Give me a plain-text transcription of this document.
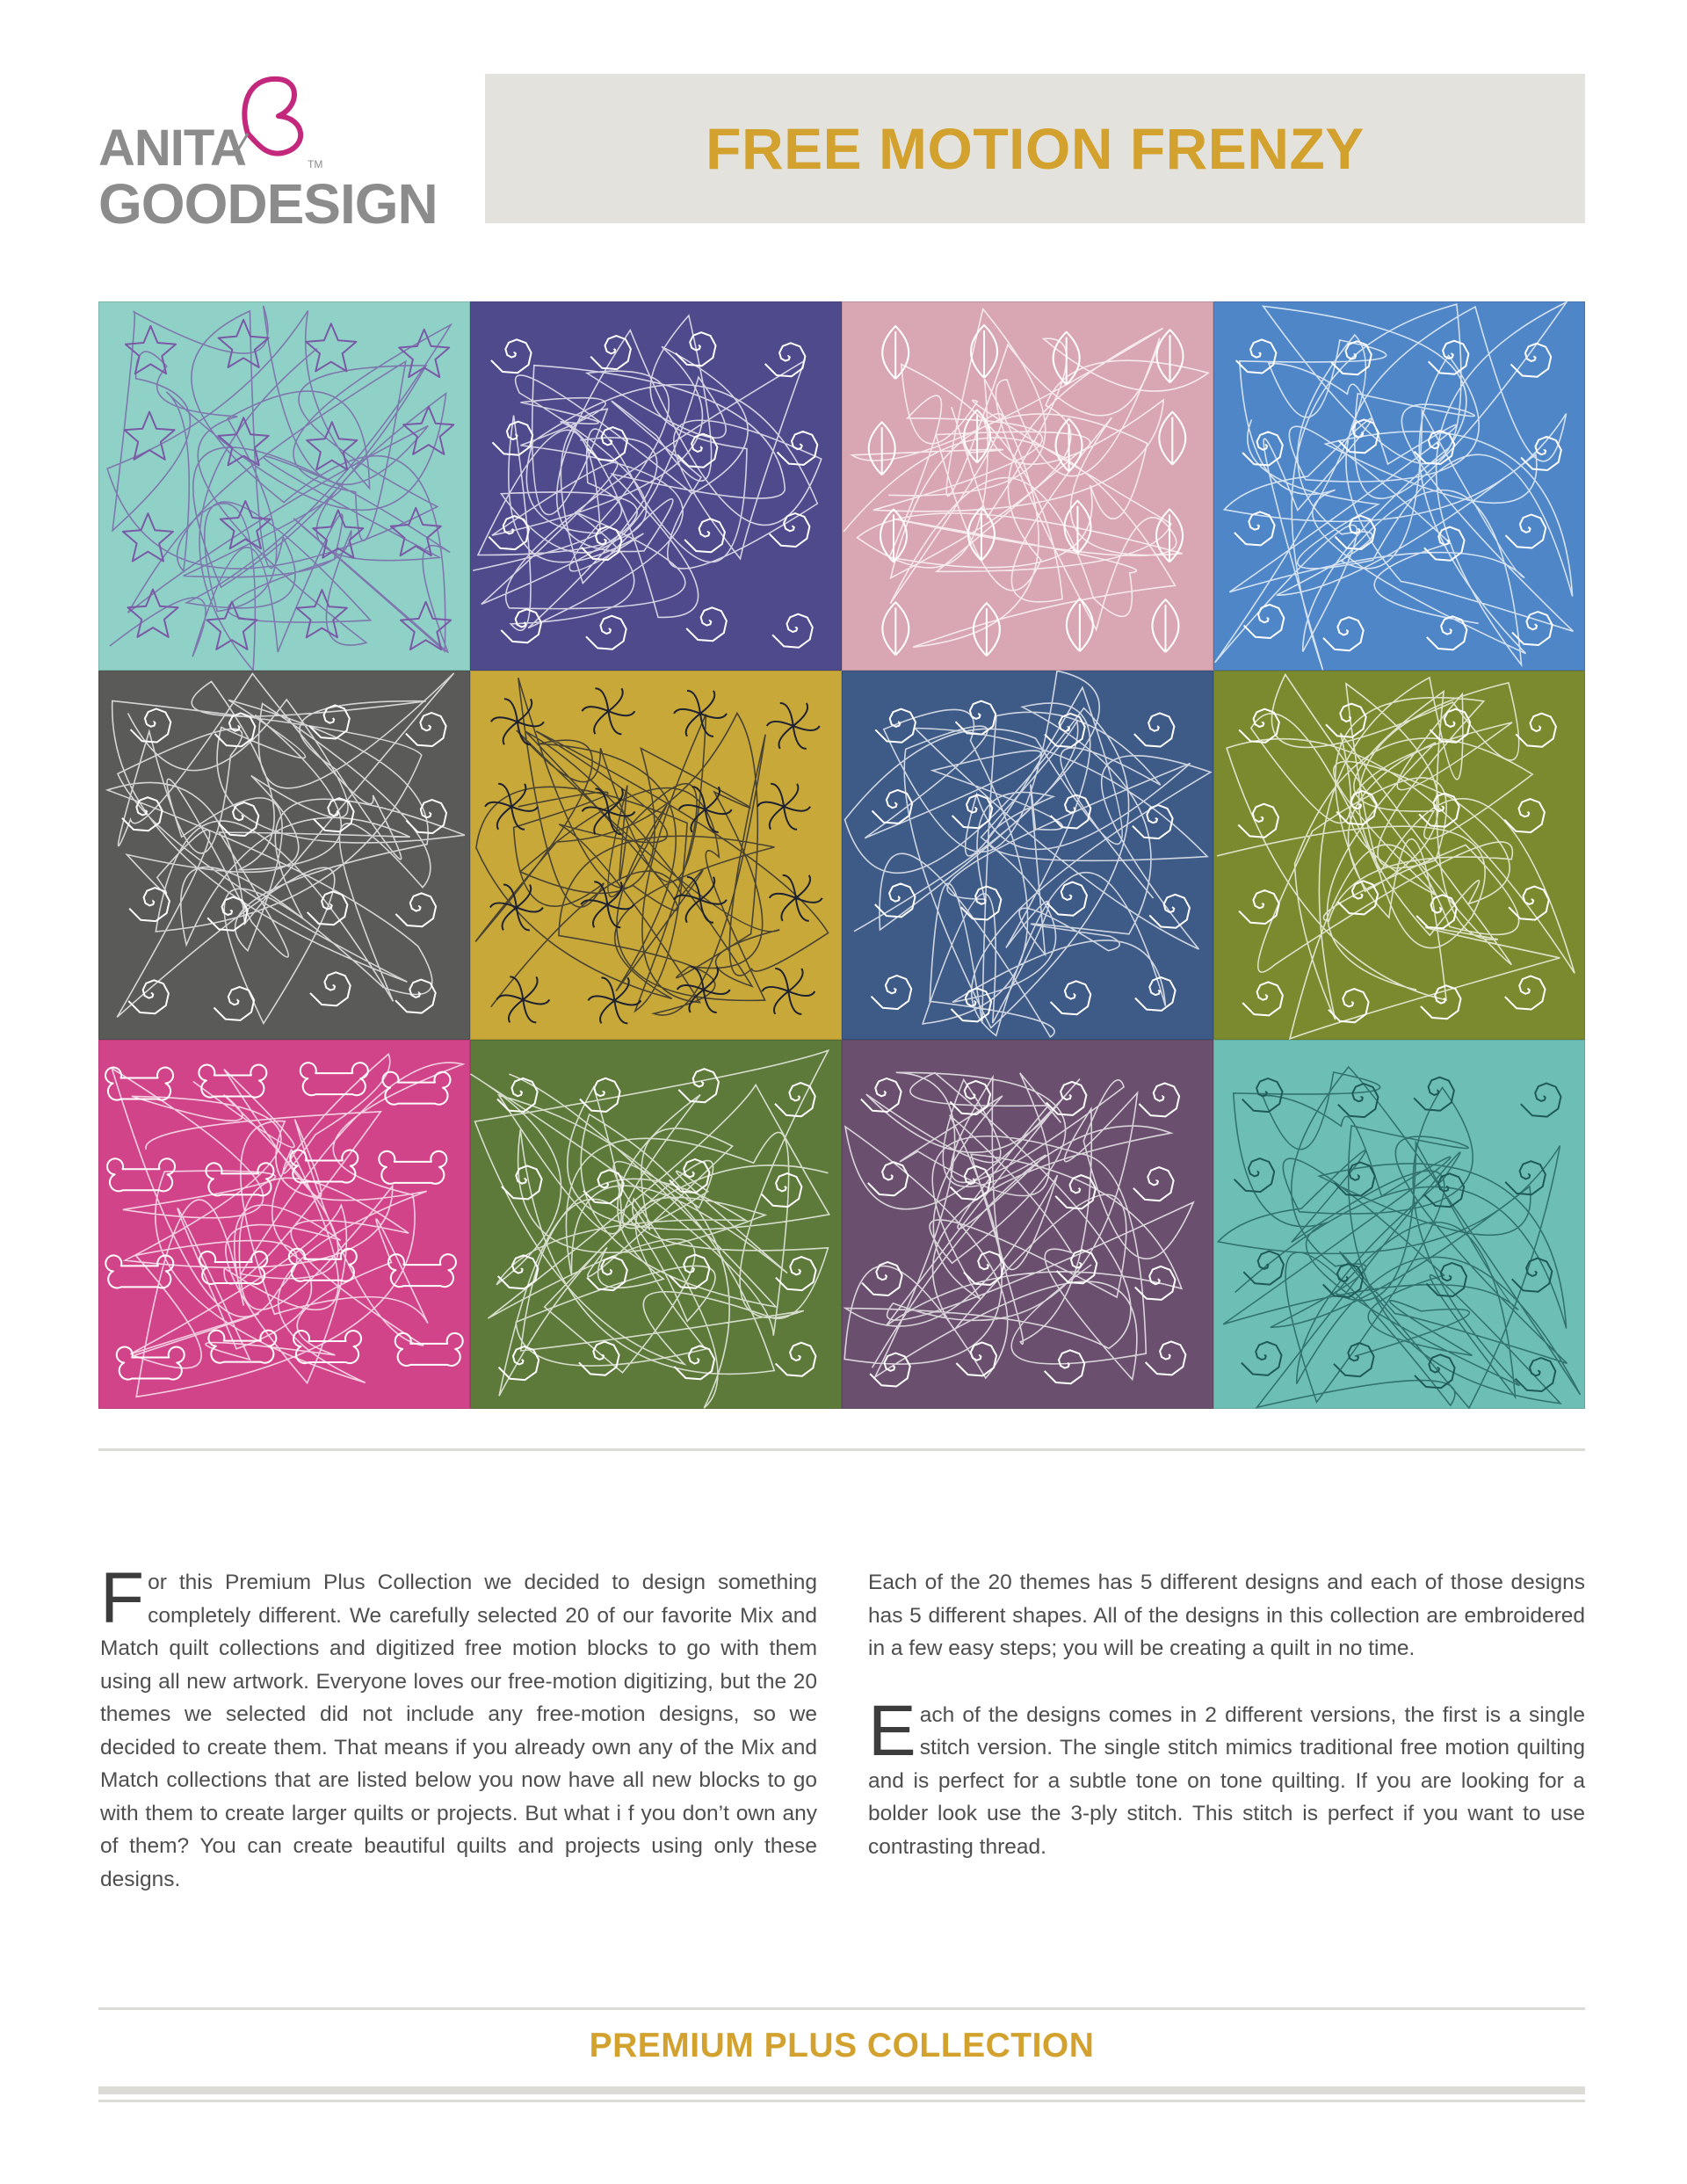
ANITA	TM
GOODESIGN
FREE MOTION FRENZY

F or this Premium Plus Collection we decided to design something completely different. We carefully selected 20 of our favorite Mix and Match quilt collections and digitized free motion blocks to go with them using all new artwork. Everyone loves our free-motion digitizing, but the 20 themes we selected did not include any free-motion designs, so we decided to create them. That means if you already own any of the Mix and Match collections that are listed below you now have all new blocks to go with them to create larger quilts or projects. But what i f you don’t own any of them? You can create beautiful quilts and projects using only these designs.

Each of the 20 themes has 5 different designs and each of those designs has 5 different shapes. All of the designs in this collection are embroidered in a few easy steps; you will be creating a quilt in no time.

E ach of the designs comes in 2 different versions, the first is a single stitch version. The single stitch mimics traditional free motion quilting and is perfect for a subtle tone on tone quilting. If you are looking for a bolder look use the 3-ply stitch. This stitch is perfect if you want to use contrasting thread.

PREMIUM PLUS COLLECTION
